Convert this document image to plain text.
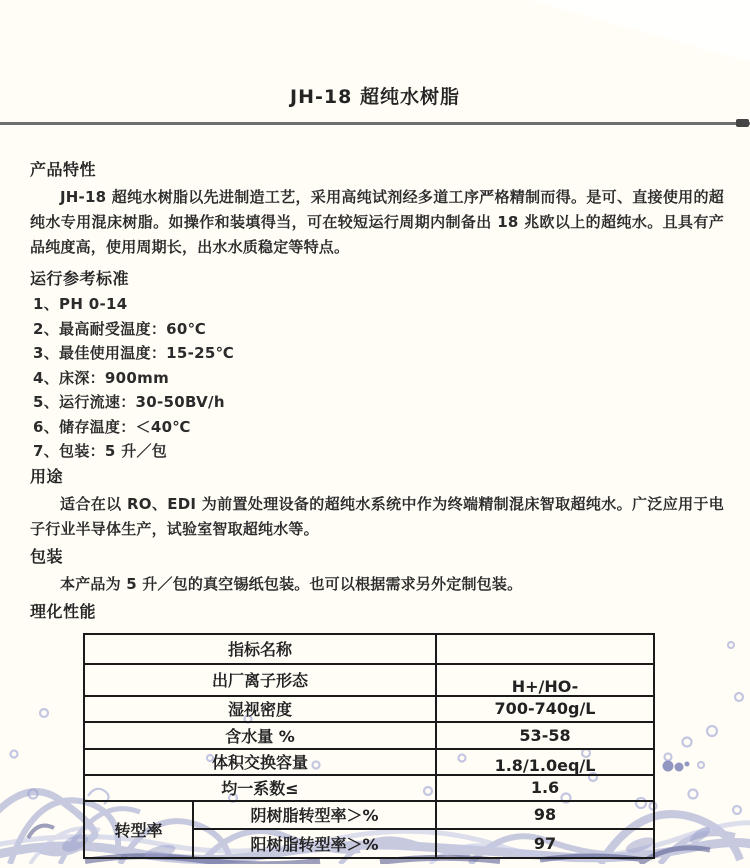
JH-18 超纯水树脂
产品特性
JH-18 超纯水树脂以先进制造工艺，采用高纯试剂经多道工序严格精制而得。是可、直接使用的超纯水专用混床树脂。如操作和装填得当，可在较短运行周期内制备出 18 兆欧以上的超纯水。且具有产品纯度高，使用周期长，出水水质稳定等特点。
运行参考标准
1、PH 0-14
2、最高耐受温度：60℃
3、最佳使用温度：15-25℃
4、床深：900mm
5、运行流速：30-50BV/h
6、储存温度：＜40℃
7、包装：5 升／包
用途
适合在以 RO、EDI 为前置处理设备的超纯水系统中作为终端精制混床智取超纯水。广泛应用于电子行业半导体生产，试验室智取超纯水等。
包装
本产品为 5 升／包的真空锡纸包装。也可以根据需求另外定制包装。
理化性能
指标名称		
出厂离子形态		H+/HO-
湿视密度		700-740g/L
含水量 %		53-58
体积交换容量		1.8/1.0eq/L
均一系数≤		1.6
转型率	阴树脂转型率＞%	98
	阳树脂转型率＞%	97
